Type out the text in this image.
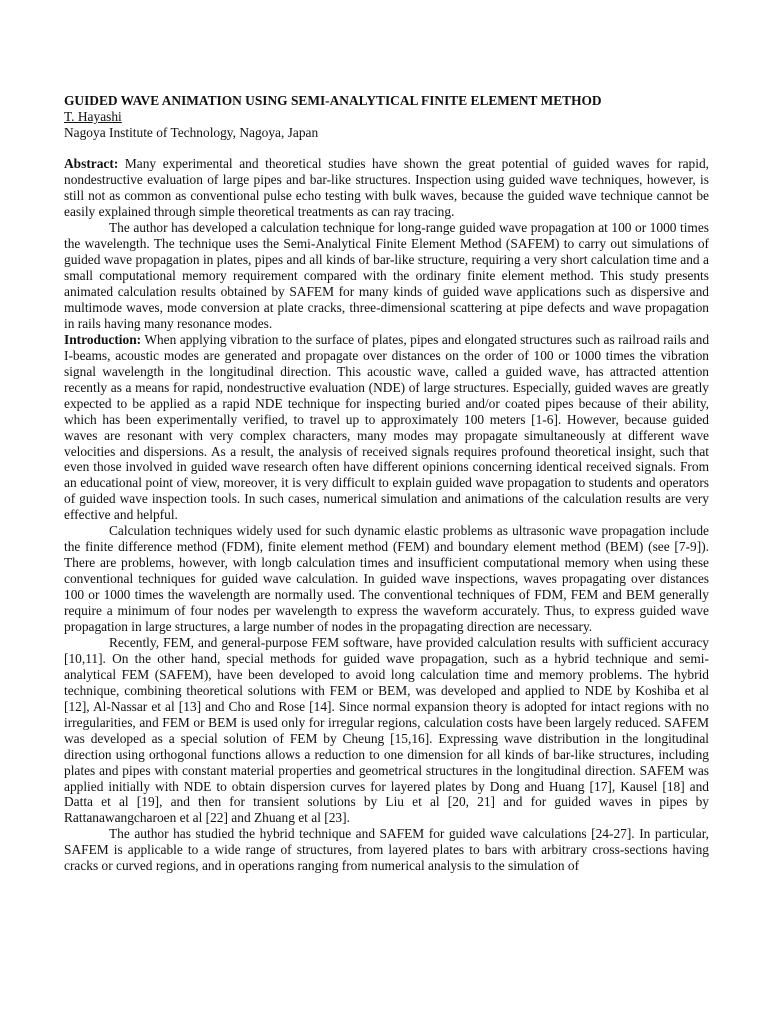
GUIDED WAVE ANIMATION USING SEMI-ANALYTICAL FINITE ELEMENT METHOD
T. Hayashi
Nagoya Institute of Technology, Nagoya, Japan

Abstract: Many experimental and theoretical studies have shown the great potential of guided waves for rapid, nondestructive evaluation of large pipes and bar-like structures. Inspection using guided wave techniques, however, is still not as common as conventional pulse echo testing with bulk waves, because the guided wave technique cannot be easily explained through simple theoretical treatments as can ray tracing.

The author has developed a calculation technique for long-range guided wave propagation at 100 or 1000 times the wavelength. The technique uses the Semi-Analytical Finite Element Method (SAFEM) to carry out simulations of guided wave propagation in plates, pipes and all kinds of bar-like structure, requiring a very short calculation time and a small computational memory requirement compared with the ordinary finite element method. This study presents animated calculation results obtained by SAFEM for many kinds of guided wave applications such as dispersive and multimode waves, mode conversion at plate cracks, three-dimensional scattering at pipe defects and wave propagation in rails having many resonance modes.

Introduction: When applying vibration to the surface of plates, pipes and elongated structures such as railroad rails and I-beams, acoustic modes are generated and propagate over distances on the order of 100 or 1000 times the vibration signal wavelength in the longitudinal direction. This acoustic wave, called a guided wave, has attracted attention recently as a means for rapid, nondestructive evaluation (NDE) of large structures. Especially, guided waves are greatly expected to be applied as a rapid NDE technique for inspecting buried and/or coated pipes because of their ability, which has been experimentally verified, to travel up to approximately 100 meters [1-6]. However, because guided waves are resonant with very complex characters, many modes may propagate simultaneously at different wave velocities and dispersions. As a result, the analysis of received signals requires profound theoretical insight, such that even those involved in guided wave research often have different opinions concerning identical received signals. From an educational point of view, moreover, it is very difficult to explain guided wave propagation to students and operators of guided wave inspection tools. In such cases, numerical simulation and animations of the calculation results are very effective and helpful.

Calculation techniques widely used for such dynamic elastic problems as ultrasonic wave propagation include the finite difference method (FDM), finite element method (FEM) and boundary element method (BEM) (see [7-9]). There are problems, however, with longb calculation times and insufficient computational memory when using these conventional techniques for guided wave calculation. In guided wave inspections, waves propagating over distances 100 or 1000 times the wavelength are normally used. The conventional techniques of FDM, FEM and BEM generally require a minimum of four nodes per wavelength to express the waveform accurately. Thus, to express guided wave propagation in large structures, a large number of nodes in the propagating direction are necessary.

Recently, FEM, and general-purpose FEM software, have provided calculation results with sufficient accuracy [10,11]. On the other hand, special methods for guided wave propagation, such as a hybrid technique and semi-analytical FEM (SAFEM), have been developed to avoid long calculation time and memory problems. The hybrid technique, combining theoretical solutions with FEM or BEM, was developed and applied to NDE by Koshiba et al [12], Al-Nassar et al [13] and Cho and Rose [14]. Since normal expansion theory is adopted for intact regions with no irregularities, and FEM or BEM is used only for irregular regions, calculation costs have been largely reduced. SAFEM was developed as a special solution of FEM by Cheung [15,16]. Expressing wave distribution in the longitudinal direction using orthogonal functions allows a reduction to one dimension for all kinds of bar-like structures, including plates and pipes with constant material properties and geometrical structures in the longitudinal direction. SAFEM was applied initially with NDE to obtain dispersion curves for layered plates by Dong and Huang [17], Kausel [18] and Datta et al [19], and then for transient solutions by Liu et al [20, 21] and for guided waves in pipes by Rattanawangcharoen et al [22] and Zhuang et al [23].

The author has studied the hybrid technique and SAFEM for guided wave calculations [24-27]. In particular, SAFEM is applicable to a wide range of structures, from layered plates to bars with arbitrary cross-sections having cracks or curved regions, and in operations ranging from numerical analysis to the simulation of
